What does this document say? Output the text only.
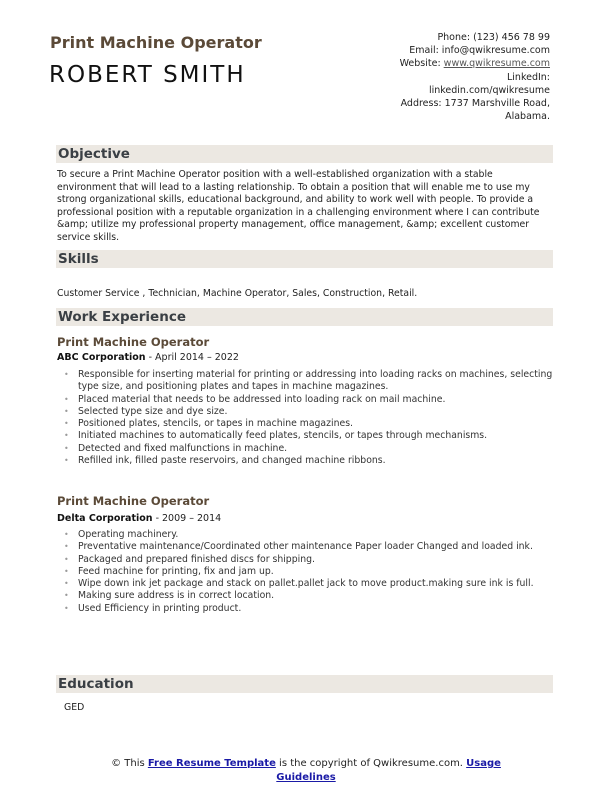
Print Machine Operator
ROBERT SMITH
Phone: (123) 456 78 99
Email: info@qwikresume.com
Website: www.qwikresume.com
LinkedIn:
linkedin.com/qwikresume
Address: 1737 Marshville Road, Alabama.
Objective
To secure a Print Machine Operator position with a well-established organization with a stable environment that will lead to a lasting relationship. To obtain a position that will enable me to use my strong organizational skills, educational background, and ability to work well with people. To provide a professional position with a reputable organization in a challenging environment where I can contribute &amp; utilize my professional property management, office management, &amp; excellent customer service skills.
Skills
Customer Service , Technician, Machine Operator, Sales, Construction, Retail.
Work Experience
Print Machine Operator
ABC Corporation - April 2014 – 2022
• Responsible for inserting material for printing or addressing into loading racks on machines, selecting type size, and positioning plates and tapes in machine magazines.
• Placed material that needs to be addressed into loading rack on mail machine.
• Selected type size and dye size.
• Positioned plates, stencils, or tapes in machine magazines.
• Initiated machines to automatically feed plates, stencils, or tapes through mechanisms.
• Detected and fixed malfunctions in machine.
• Refilled ink, filled paste reservoirs, and changed machine ribbons.
Print Machine Operator
Delta Corporation - 2009 – 2014
• Operating machinery.
• Preventative maintenance/Coordinated other maintenance Paper loader Changed and loaded ink.
• Packaged and prepared finished discs for shipping.
• Feed machine for printing, fix and jam up.
• Wipe down ink jet package and stack on pallet.pallet jack to move product.making sure ink is full.
• Making sure address is in correct location.
• Used Efficiency in printing product.
Education
GED
© This Free Resume Template is the copyright of Qwikresume.com. Usage Guidelines
